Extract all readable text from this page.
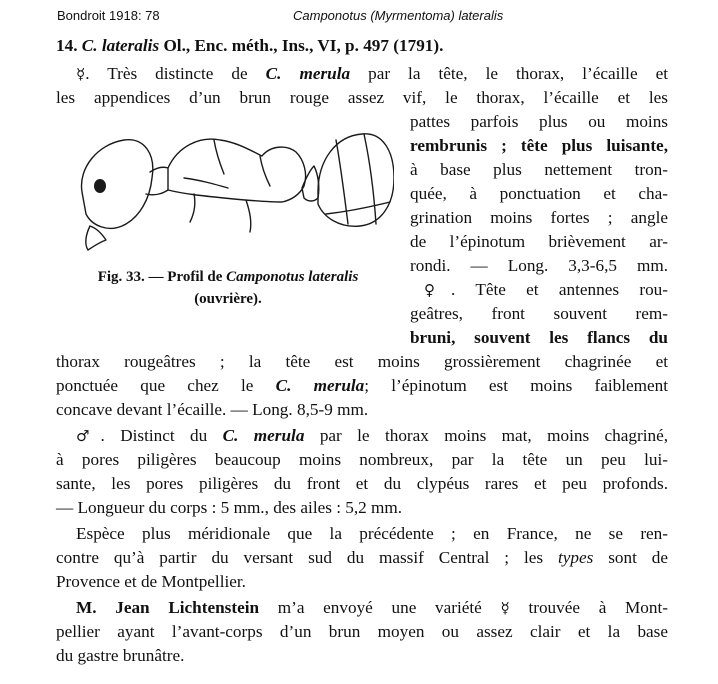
Bondroit 1918: 78	Camponotus (Myrmentoma) lateralis
14. C. lateralis Ol., Enc. méth., Ins., VI, p. 497 (1791).
☿. Très distincte de C. merula par la tête, le thorax, l’écaille et
les appendices d’un brun rouge assez vif, le thorax, l’écaille et les
pattes parfois plus ou moins
rembrunis ; tête plus luisante,
à base plus nettement tron-
quée, à ponctuation et cha-
grination moins fortes ; angle
de l’épinotum brièvement ar-
rondi. — Long. 3,3-6,5 mm.
Fig. 33. — Profil de Camponotus lateralis
(ouvrière).	♀. Tête et antennes rou-
geâtres, front souvent rem-
bruni, souvent les flancs du
thorax rougeâtres ; la tête est moins grossièrement chagrinée et
ponctuée que chez le C. merula; l’épinotum est moins faiblement
concave devant l’écaille. — Long. 8,5-9 mm.
♂. Distinct du C. merula par le thorax moins mat, moins chagriné,
à pores piligères beaucoup moins nombreux, par la tête un peu lui-
sante, les pores piligères du front et du clypéus rares et peu profonds.
— Longueur du corps : 5 mm., des ailes : 5,2 mm.
Espèce plus méridionale que la précédente ; en France, ne se ren-
contre qu’à partir du versant sud du massif Central ; les types sont de
Provence et de Montpellier.
M. Jean Lichtenstein m’a envoyé une variété ☿ trouvée à Mont-
pellier ayant l’avant-corps d’un brun moyen ou assez clair et la base
du gastre brunâtre.
